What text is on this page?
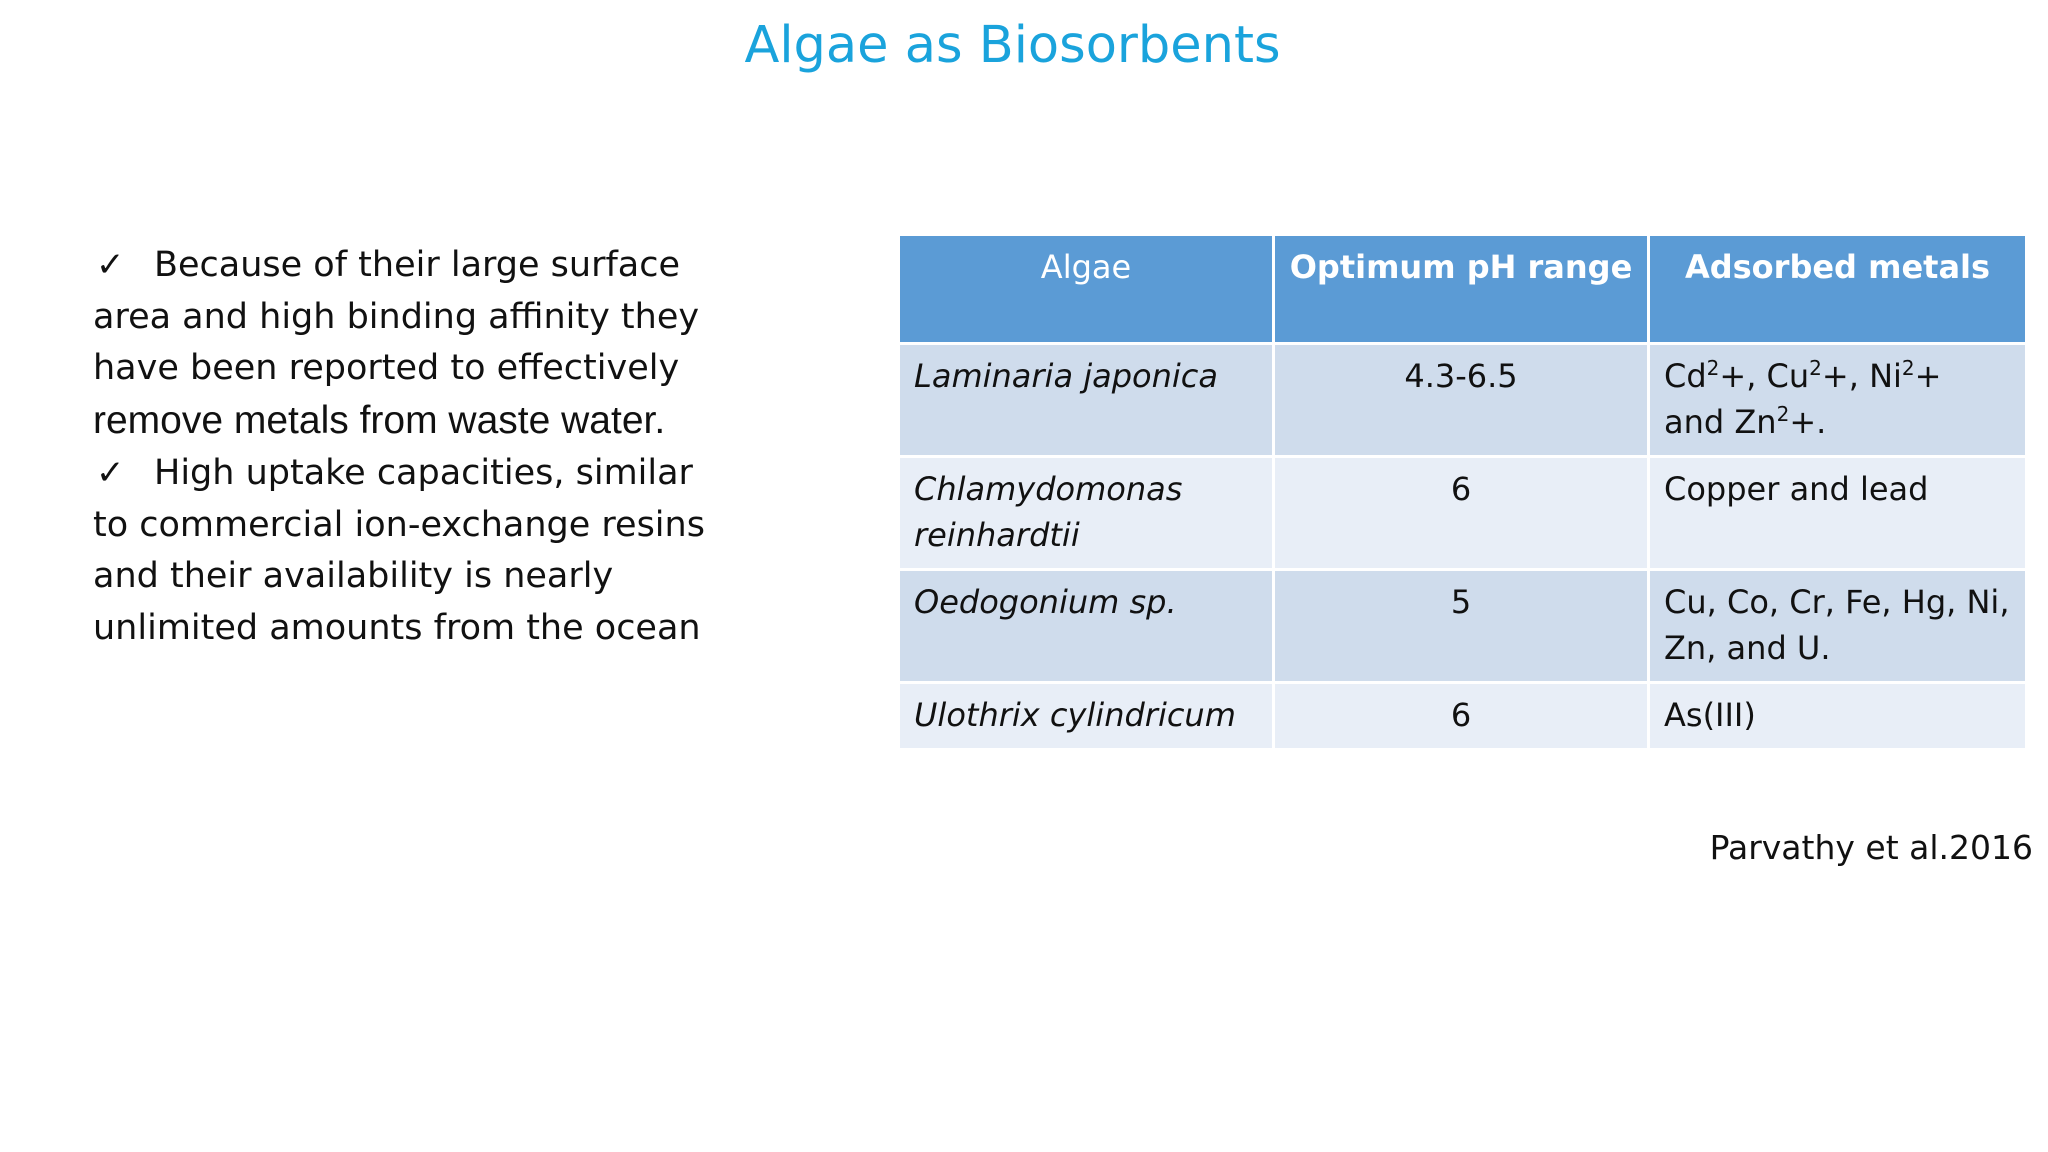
Algae as Biosorbents

✓ Because of their large surface area and high binding affinity they have been reported to effectively remove metals from waste water.

✓ High uptake capacities, similar to commercial ion-exchange resins and their availability is nearly unlimited amounts from the ocean

Algae	Optimum pH range	Adsorbed metals
Laminaria japonica	4.3-6.5	$Cd^2+$, $Cu^2+$, $Ni^2+$ and $Zn^2+$.
Chlamydomonas reinhardtii	6	Copper and lead
Oedogonium sp.	5	Cu, Co, Cr, Fe, Hg, Ni, Zn, and U.
Ulothrix cylindricum	6	As(III)
Parvathy et al.2016
